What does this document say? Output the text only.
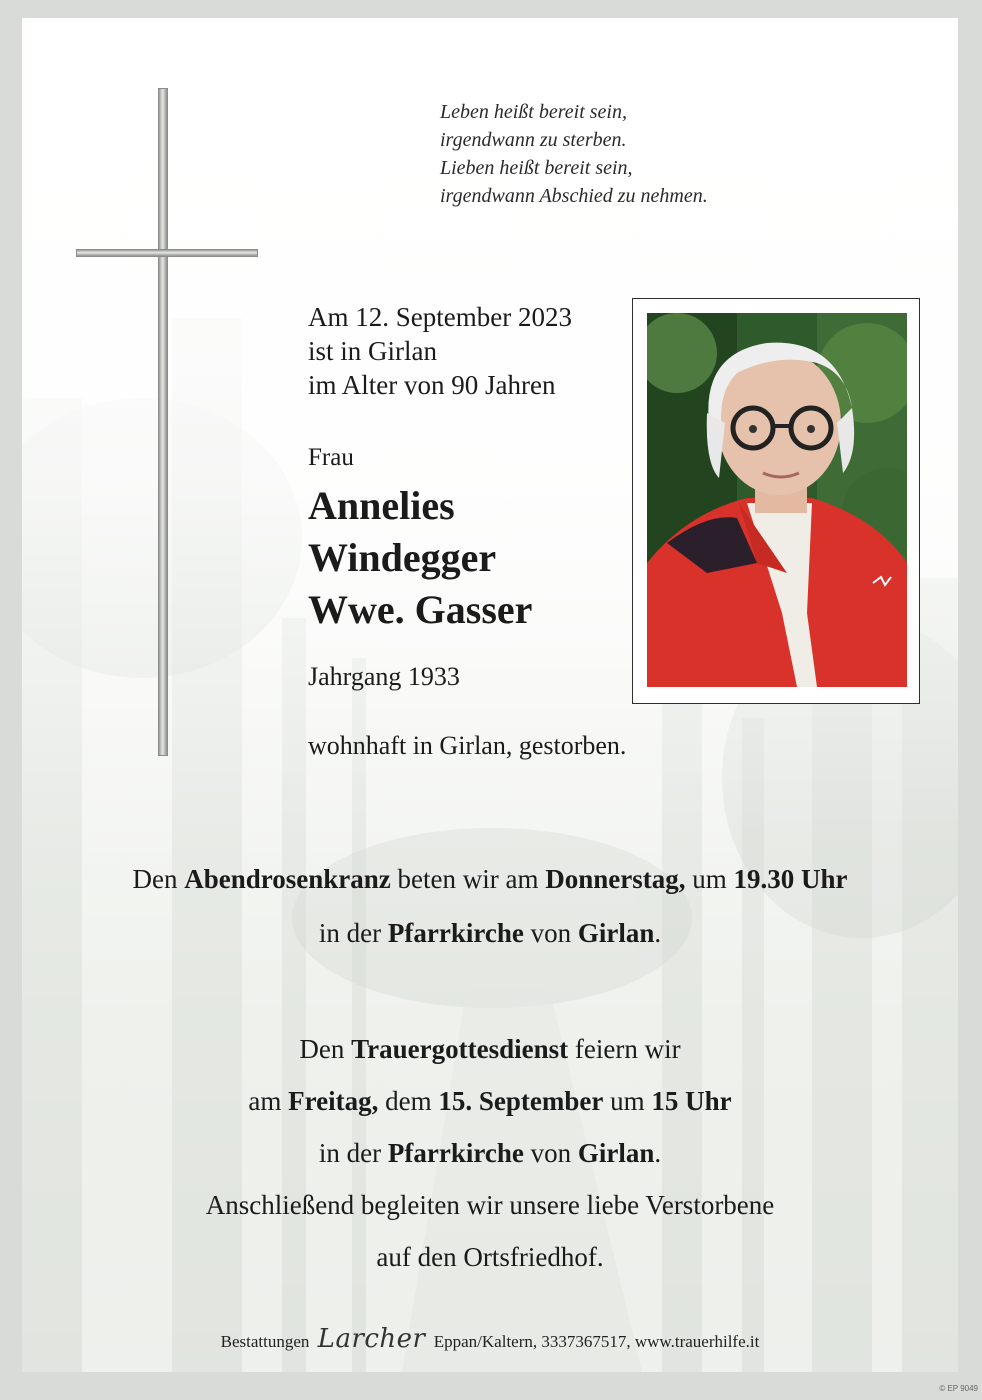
Leben heißt bereit sein,
irgendwann zu sterben.
Lieben heißt bereit sein,
irgendwann Abschied zu nehmen.
Am 12. September 2023
ist in Girlan
im Alter von 90 Jahren
Frau
Annelies
Windegger
Wwe. Gasser
Jahrgang 1933
wohnhaft in Girlan, gestorben.
Den Abendrosenkranz beten wir am Donnerstag, um 19.30 Uhr
in der Pfarrkirche von Girlan.
Den Trauergottesdienst feiern wir
am Freitag, dem 15. September um 15 Uhr
in der Pfarrkirche von Girlan.
Anschließend begleiten wir unsere liebe Verstorbene
auf den Ortsfriedhof.
Bestattungen Larcher Eppan/Kaltern, 3337367517, www.trauerhilfe.it
© EP 9049
